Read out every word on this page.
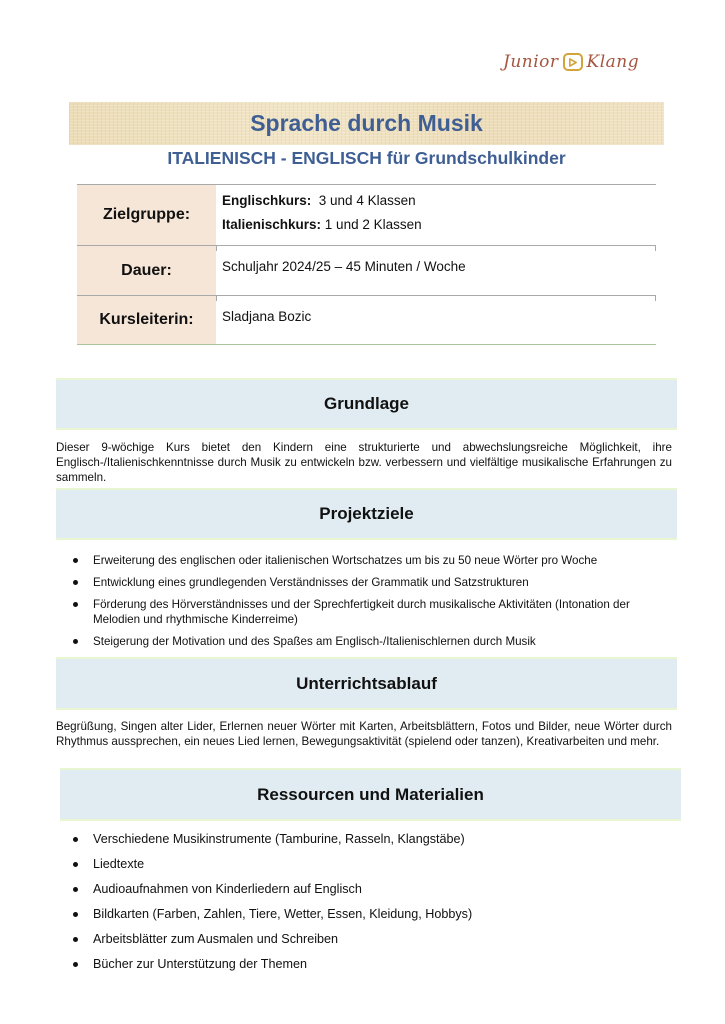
Junior Klang
Sprache durch Musik
ITALIENISCH - ENGLISCH für Grundschulkinder
Zielgruppe:
Englischkurs:  3 und 4 Klassen
Italienischkurs: 1 und 2 Klassen
Dauer:	Schuljahr 2024/25 – 45 Minuten / Woche
Kursleiterin:	Sladjana Bozic
Grundlage
Dieser 9-wöchige Kurs bietet den Kindern eine strukturierte und abwechslungsreiche Möglichkeit, ihre Englisch-/Italienischkenntnisse durch Musik zu entwickeln bzw. verbessern und vielfältige musikalische Erfahrungen zu sammeln.
Projektziele
Erweiterung des englischen oder italienischen Wortschatzes um bis zu 50 neue Wörter pro Woche
Entwicklung eines grundlegenden Verständnisses der Grammatik und Satzstrukturen
Förderung des Hörverständnisses und der Sprechfertigkeit durch musikalische Aktivitäten (Intonation der Melodien und rhythmische Kinderreime)
Steigerung der Motivation und des Spaßes am Englisch-/Italienischlernen durch Musik
Unterrichtsablauf
Begrüßung, Singen alter Lider, Erlernen neuer Wörter mit Karten, Arbeitsblättern, Fotos und Bilder, neue Wörter durch Rhythmus aussprechen, ein neues Lied lernen, Bewegungsaktivität (spielend oder tanzen), Kreativarbeiten und mehr.
Ressourcen und Materialien
Verschiedene Musikinstrumente (Tamburine, Rasseln, Klangstäbe)
Liedtexte
Audioaufnahmen von Kinderliedern auf Englisch
Bildkarten (Farben, Zahlen, Tiere, Wetter, Essen, Kleidung, Hobbys)
Arbeitsblätter zum Ausmalen und Schreiben
Bücher zur Unterstützung der Themen
